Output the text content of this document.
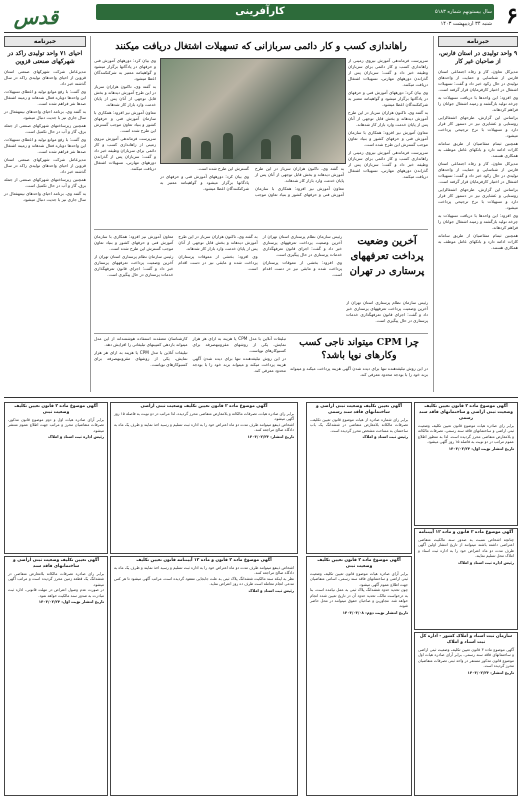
قدس	کارآفرینی	سال بیستونهم شماره ۵۱۸۳
شنبه ۳۴ اردیبهشت ۱۴۰۳ ۶
خبرنامه
۹ واحد تولیدی در استان فارس، از صاحبان غیر کار

مدیرکل تعاون، کار و رفاه اجتماعی استان فارس از شناسایی و حمایت از واحدهای تولیدی در حال رکود خبر داد و گفت: تسهیلات اشتغال در اختیار کارفرمایان قرار گرفته است.

وی افزود: این واحدها با دریافت تسهیلات به چرخه تولید بازگشته و زمینه اشتغال جوانان را فراهم کردهاند.

براساس این گزارش، طرحهای اشتغالزایی روستایی و عشایری نیز در دستور کار قرار دارد و تسهیلات با نرخ ترجیحی پرداخت میشود.

همچنین ثبتنام متقاضیان از طریق سامانه کارات ادامه دارد و بانکهای عامل موظف به همکاری هستند.

مدیرکل تعاون، کار و رفاه اجتماعی استان فارس از شناسایی و حمایت از واحدهای تولیدی در حال رکود خبر داد و گفت: تسهیلات اشتغال در اختیار کارفرمایان قرار گرفته است.

براساس این گزارش، طرحهای اشتغالزایی روستایی و عشایری نیز در دستور کار قرار دارد و تسهیلات با نرخ ترجیحی پرداخت میشود.

وی افزود: این واحدها با دریافت تسهیلات به چرخه تولید بازگشته و زمینه اشتغال جوانان را فراهم کردهاند.

همچنین ثبتنام متقاضیان از طریق سامانه کارات ادامه دارد و بانکهای عامل موظف به همکاری هستند.

خبرنامه
احیای ۷۱ واحد تولیدی راکد در شهرکهای صنعتی قزوین

مدیرعامل شرکت شهرکهای صنعتی استان قزوین از احیای واحدهای تولیدی راکد در سال گذشته خبر داد.

وی گفت: با رفع موانع تولید و اعطای تسهیلات، این واحدها دوباره فعال شدهاند و زمینه اشتغال صدها نفر فراهم شده است.

به گفته وی، برنامه احیای واحدهای نیمهفعال در سال جاری نیز با جدیت دنبال میشود.

همچنین زیرساختهای شهرکهای صنعتی از جمله برق، گاز و آب در حال تکمیل است.

وی گفت: با رفع موانع تولید و اعطای تسهیلات، این واحدها دوباره فعال شدهاند و زمینه اشتغال صدها نفر فراهم شده است.

مدیرعامل شرکت شهرکهای صنعتی استان قزوین از احیای واحدهای تولیدی راکد در سال گذشته خبر داد.

همچنین زیرساختهای شهرکهای صنعتی از جمله برق، گاز و آب در حال تکمیل است.

به گفته وی، برنامه احیای واحدهای نیمهفعال در سال جاری نیز با جدیت دنبال میشود.

راهاندازی کسب و کار دائمی سربازانی که تسهیلات اشتغال دریافت میکنند

سرپرست فرماندهی آموزش نیروی زمینی از راهاندازی کسب و کار دائمی برای سربازان وظیفه خبر داد و گفت: سربازان پس از گذراندن دورههای مهارتی، تسهیلات اشتغال دریافت میکنند.

وی بیان کرد: دورههای آموزش فنی و حرفهای در پادگانها برگزار میشود و گواهینامه معتبر به شرکتکنندگان اعطا میشود.

به گفته وی، تاکنون هزاران سرباز در این طرح آموزش دیدهاند و بخش قابل توجهی از آنان پس از پایان خدمت وارد بازار کار شدهاند.

معاون آموزش نیز افزود: همکاری با سازمان آموزش فنی و حرفهای کشور و بنیاد تعاون موجب گسترش این طرح شده است.

سرپرست فرماندهی آموزش نیروی زمینی از راهاندازی کسب و کار دائمی برای سربازان وظیفه خبر داد و گفت: سربازان پس از گذراندن دورههای مهارتی، تسهیلات اشتغال دریافت میکنند.

وی بیان کرد: دورههای آموزش فنی و حرفهای در پادگانها برگزار میشود و گواهینامه معتبر به شرکتکنندگان اعطا میشود.

به گفته وی، تاکنون هزاران سرباز در این طرح آموزش دیدهاند و بخش قابل توجهی از آنان پس از پایان خدمت وارد بازار کار شدهاند.

معاون آموزش نیز افزود: همکاری با سازمان آموزش فنی و حرفهای کشور و بنیاد تعاون موجب گسترش این طرح شده است.

سرپرست فرماندهی آموزش نیروی زمینی از راهاندازی کسب و کار دائمی برای سربازان وظیفه خبر داد و گفت: سربازان پس از گذراندن دورههای مهارتی، تسهیلات اشتغال دریافت میکنند.	به گفته وی، تاکنون هزاران سرباز در این طرح آموزش دیدهاند و بخش قابل توجهی از آنان پس از پایان خدمت وارد بازار کار شدهاند.

معاون آموزش نیز افزود: همکاری با سازمان آموزش فنی و حرفهای کشور و بنیاد تعاون موجب گسترش این طرح شده است.

وی بیان کرد: دورههای آموزش فنی و حرفهای در پادگانها برگزار میشود و گواهینامه معتبر به شرکتکنندگان اعطا میشود.

آخرین وضعیت پرداخت تعرفههای پرستاری در تهران

رئیس سازمان نظام پرستاری استان تهران از آخرین وضعیت پرداخت تعرفههای پرستاری خبر داد و گفت: اجرای قانون تعرفهگذاری خدمات پرستاری در حال پیگیری است.

رئیس سازمان نظام پرستاری استان تهران از آخرین وضعیت پرداخت تعرفههای پرستاری خبر داد و گفت: اجرای قانون تعرفهگذاری خدمات پرستاری در حال پیگیری است.

وی افزود: بخشی از معوقات پرستاران پرداخت شده و مابقی نیز در دست اقدام است.

به گفته وی، تاکنون هزاران سرباز در این طرح آموزش دیدهاند و بخش قابل توجهی از آنان پس از پایان خدمت وارد بازار کار شدهاند.

وی افزود: بخشی از معوقات پرستاران پرداخت شده و مابقی نیز در دست اقدام است.

معاون آموزش نیز افزود: همکاری با سازمان آموزش فنی و حرفهای کشور و بنیاد تعاون موجب گسترش این طرح شده است.

رئیس سازمان نظام پرستاری استان تهران از آخرین وضعیت پرداخت تعرفههای پرستاری خبر داد و گفت: اجرای قانون تعرفهگذاری خدمات پرستاری در حال پیگیری است.

چرا CPM میتواند ناجی کسب وکارهای نوپا باشد؟

تبلیغات آنلاین با مدل CPM یا هزینه به ازای هر هزار نمایش، یکی از روشهای مقرونبهصرفه برای کسبوکارهای نوپاست.

در این روش تبلیغدهنده تنها برای دیده شدن آگهی هزینه پرداخت میکند و میتواند برند خود را با بودجه محدود معرفی کند.

کارشناسان معتقدند استفاده هوشمندانه از این مدل میتواند بازدهی کمپینهای تبلیغاتی را افزایش دهد.

تبلیغات آنلاین با مدل CPM یا هزینه به ازای هر هزار نمایش، یکی از روشهای مقرونبهصرفه برای کسبوکارهای نوپاست.

در این روش تبلیغدهنده تنها برای دیده شدن آگهی هزینه پرداخت میکند و میتواند برند خود را با بودجه محدود معرفی کند.

آگهی موضوع ماده ۳ قانون تعیین تکلیف وضعیت ثبتی اراضی و ساختمانهای فاقد سند رسمی
برابر رای صادره هیات موضوع قانون تعیین تکلیف وضعیت ثبتی اراضی و ساختمانهای فاقد سند رسمی، تصرفات مالکانه و بلامعارض متقاضی محرز گردیده است. لذا به منظور اطلاع عموم مراتب در دو نوبت به فاصله ۱۵ روز آگهی میشود.
تاریخ انتشار نوبت اول: ۱۴۰۳/۰۲/۲۴
آگهی موضوع ماده ۳ قانون و ماده ۱۳ آییننامه
چنانچه اشخاص نسبت به صدور سند مالکیت متقاضی اعتراضی داشته باشند میتوانند از تاریخ انتشار اولین آگهی ظرف مدت دو ماه اعتراض خود را به اداره ثبت اسناد و املاک محل تسلیم نمایند.
رئیس اداره ثبت اسناد و املاک
سازمان ثبت اسناد و املاک کشور - اداره کل ثبت اسناد و املاک
آگهی موضوع ماده ۳ قانون تعیین تکلیف وضعیت ثبتی اراضی و ساختمانهای فاقد سند رسمی. برابر آرای صادره هیات اول موضوع قانون مذکور مستقر در واحد ثبتی تصرفات متقاضیان محرز گردیده است.
تاریخ انتشار: ۱۴۰۳/۰۲/۲۴
آگهی تعیین تکلیف وضعیت ثبتی اراضی و ساختمانهای فاقد سند رسمی
برابر رای شماره صادره از هیات موضوع قانون تعیین تکلیف، تصرفات مالکانه بلامعارض متقاضی در ششدانگ یک باب ساختمان به مساحت مشخص محرز گردیده است.
رئیس ثبت اسناد و املاک
آگهی موضوع ماده ۳ قانون تعیین تکلیف وضعیت ثبتی
برابر آرای صادره هیات موضوع قانون تعیین تکلیف وضعیت ثبتی اراضی و ساختمانهای فاقد سند رسمی، اسامی متقاضیان جهت اطلاع عموم آگهی میشود.
چون تحدید حدود ششدانگ پلاک ثبتی به عمل نیامده است، بنا به درخواست مالک، تحدید حدود آن در تاریخ تعیین شده انجام خواهد شد. مجاورین و صاحبان حقوق میتوانند در محل حاضر شوند.
تاریخ انتشار نوبت دوم: ۱۴۰۳/۰۳/۰۸
آگهی موضوع ماده ۳ قانون تعیین تکلیف وضعیت ثبتی اراضی
برابر رای صادره هیات، تصرفات مالکانه و بلامعارض متقاضی محرز گردیده، لذا مراتب در دو نوبت به فاصله ۱۵ روز آگهی میشود.
اشخاص ذینفع میتوانند ظرف مدت دو ماه اعتراض خود را به اداره ثبت تسلیم و رسید اخذ نمایند و ظرف یک ماه به دادگاه صالح مراجعه کنند.
تاریخ انتشار: ۱۴۰۳/۰۲/۲۴
آگهی موضوع ماده ۳ قانون و ماده ۱۳ آییننامه قانون تعیین تکلیف
اشخاص ذینفع میتوانند ظرف مدت دو ماه اعتراض خود را به اداره ثبت تسلیم و رسید اخذ نمایند و ظرف یک ماه به دادگاه صالح مراجعه کنند.
نظر به اینکه سند مالکیت ششدانگ پلاک ثبتی به علت جابجایی مفقود گردیده است، مراتب آگهی میشود تا هر کس مدعی انجام معامله است ظرف ده روز اعتراض نماید.
رئیس ثبت اسناد و املاک
آگهی موضوع ماده ۳ قانون تعیین تکلیف وضعیت ثبتی
برابر آرای صادره هیات اول و دوم موضوع قانون مذکور، تصرفات متقاضیان محرز و مراتب جهت اطلاع عموم منتشر میشود.
رئیس اداره ثبت اسناد و املاک
آگهی تعیین تکلیف وضعیت ثبتی اراضی و ساختمانهای فاقد سند
برابر رای صادره تصرفات مالکانه بلامعارض متقاضی در ششدانگ یک قطعه زمین محرز گردیده است و مراتب آگهی میشود.
در صورت عدم وصول اعتراض در مهلت قانونی، اداره ثبت مبادرت به صدور سند مالکیت خواهد نمود.
تاریخ انتشار نوبت اول: ۱۴۰۳/۰۲/۲۴
